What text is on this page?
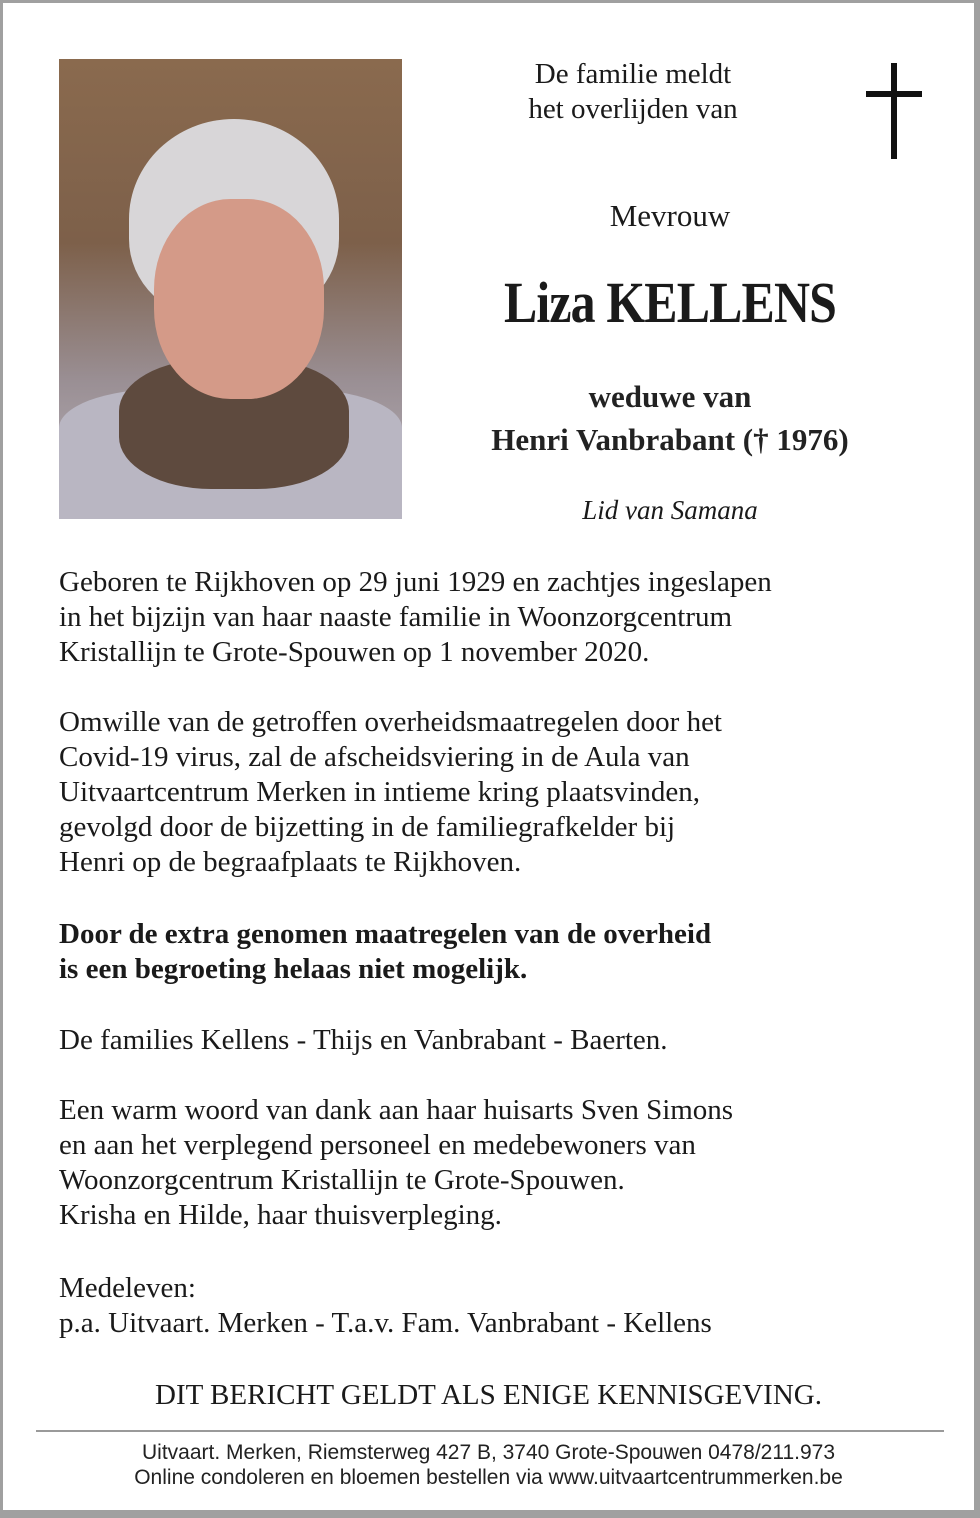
De familie meldt
het overlijden van
Mevrouw
Liza KELLENS
weduwe van
Henri Vanbrabant († 1976)
Lid van Samana
Geboren te Rijkhoven op 29 juni 1929 en zachtjes ingeslapen
in het bijzijn van haar naaste familie in Woonzorgcentrum
Kristallijn te Grote-Spouwen op 1 november 2020.
Omwille van de getroffen overheidsmaatregelen door het
Covid-19 virus, zal de afscheidsviering in de Aula van
Uitvaartcentrum Merken in intieme kring plaatsvinden,
gevolgd door de bijzetting in de familiegrafkelder bij
Henri op de begraafplaats te Rijkhoven.
Door de extra genomen maatregelen van de overheid
is een begroeting helaas niet mogelijk.
De families Kellens - Thijs en Vanbrabant - Baerten.
Een warm woord van dank aan haar huisarts Sven Simons
en aan het verplegend personeel en medebewoners van
Woonzorgcentrum Kristallijn te Grote-Spouwen.
Krisha en Hilde, haar thuisverpleging.
Medeleven:
p.a. Uitvaart. Merken - T.a.v. Fam. Vanbrabant - Kellens
DIT BERICHT GELDT ALS ENIGE KENNISGEVING.
Uitvaart. Merken, Riemsterweg 427 B, 3740 Grote-Spouwen 0478/211.973
Online condoleren en bloemen bestellen via www.uitvaartcentrummerken.be
